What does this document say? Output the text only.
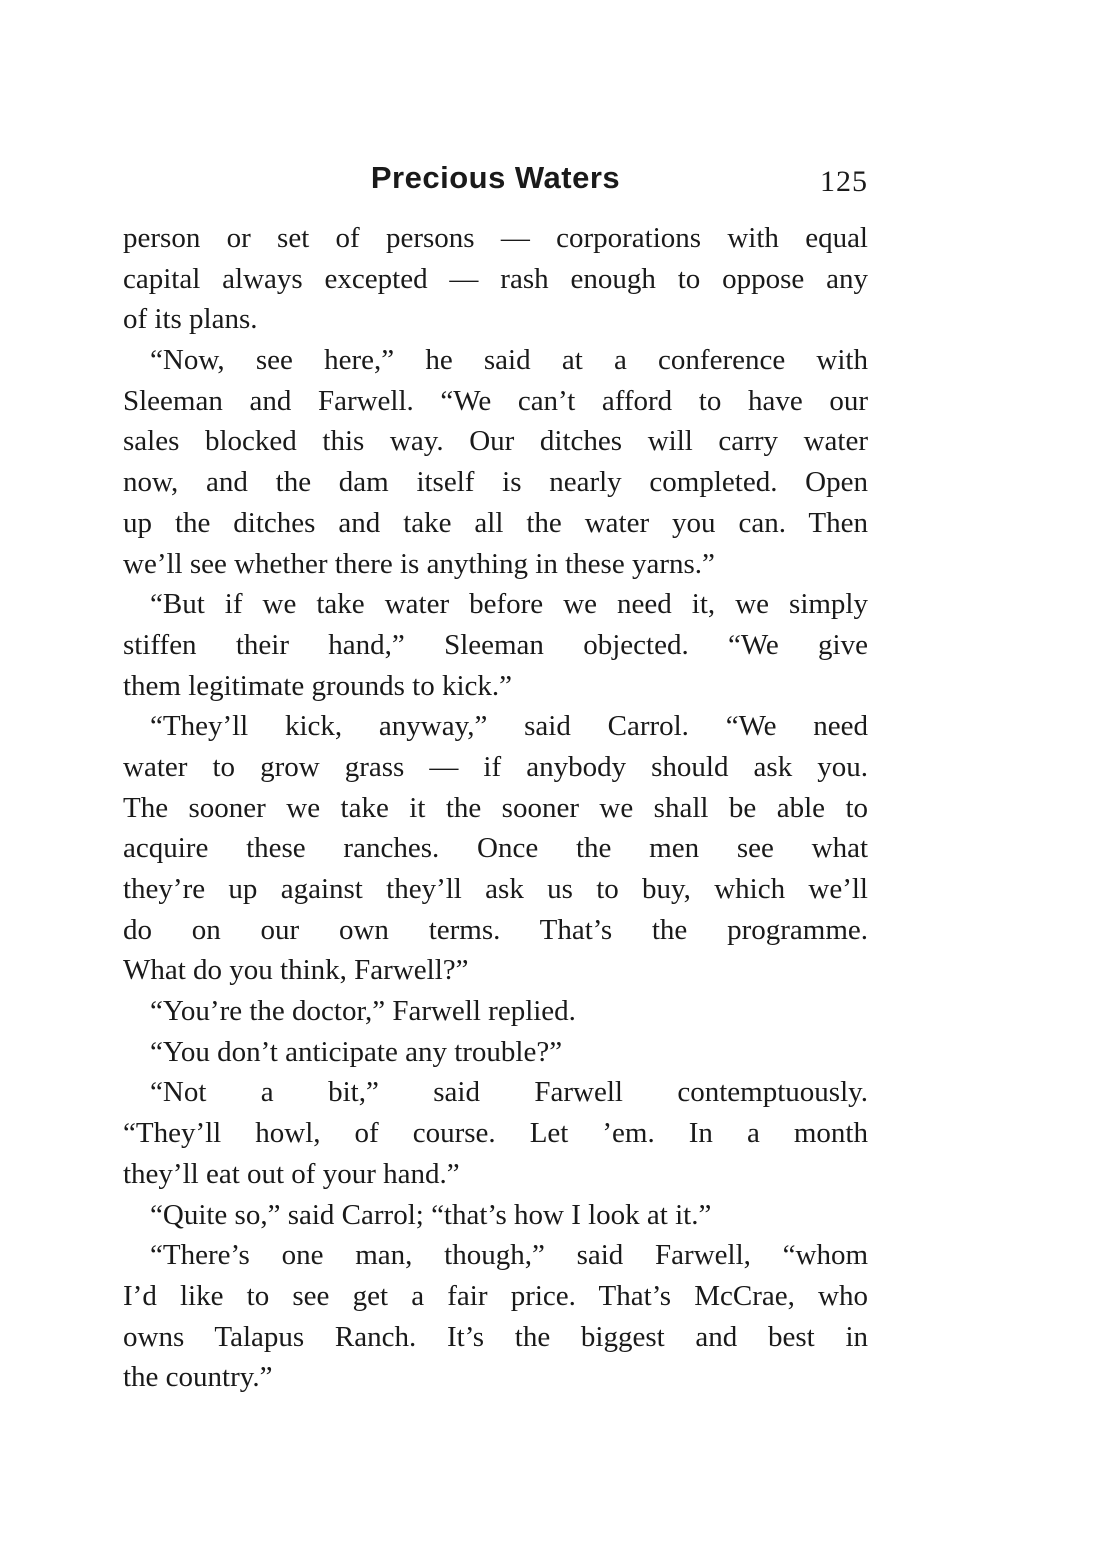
Precious Waters	125
person or set of persons — corporations with equal
capital always excepted — rash enough to oppose any
of its plans.
“Now, see here,” he said at a conference with
Sleeman and Farwell. “We can’t afford to have our
sales blocked this way. Our ditches will carry water
now, and the dam itself is nearly completed. Open
up the ditches and take all the water you can. Then
we’ll see whether there is anything in these yarns.”
“But if we take water before we need it, we simply
stiffen their hand,” Sleeman objected. “We give
them legitimate grounds to kick.”
“They’ll kick, anyway,” said Carrol. “We need
water to grow grass — if anybody should ask you.
The sooner we take it the sooner we shall be able to
acquire these ranches. Once the men see what
they’re up against they’ll ask us to buy, which we’ll
do on our own terms. That’s the programme.
What do you think, Farwell?”
“You’re the doctor,” Farwell replied.
“You don’t anticipate any trouble?”
“Not a bit,” said Farwell contemptuously.
“They’ll howl, of course. Let ’em. In a month
they’ll eat out of your hand.”
“Quite so,” said Carrol; “that’s how I look at it.”
“There’s one man, though,” said Farwell, “whom
I’d like to see get a fair price. That’s McCrae, who
owns Talapus Ranch. It’s the biggest and best in
the country.”
